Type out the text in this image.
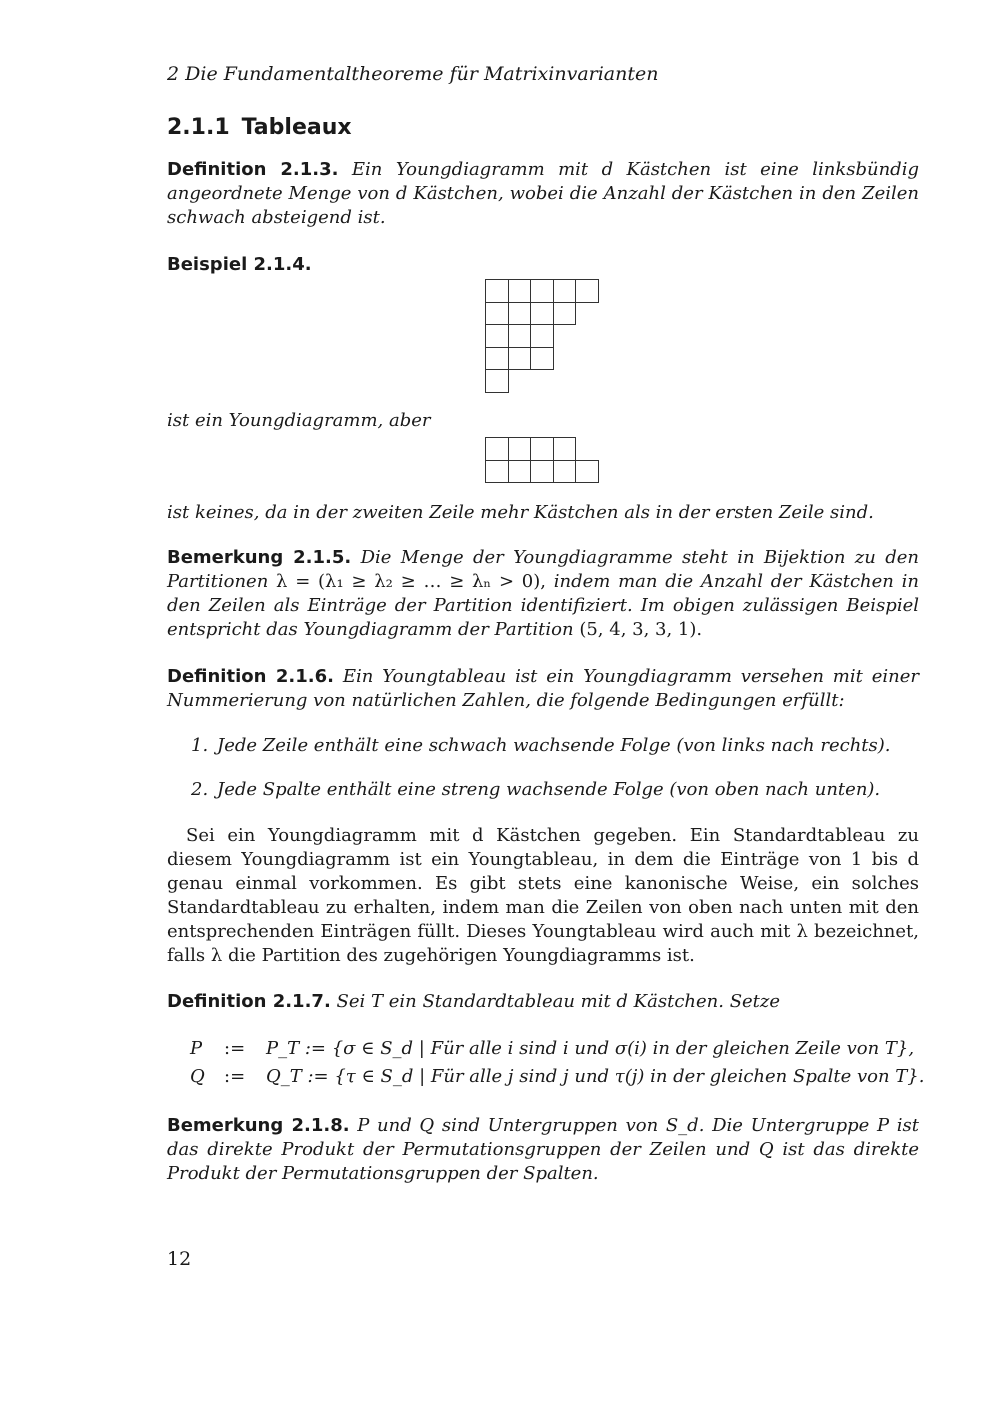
2 Die Fundamentaltheoreme für Matrixinvarianten
2.1.1 Tableaux
Definition 2.1.3. Ein Youngdiagramm mit d Kästchen ist eine linksbündig angeordnete Menge von d Kästchen, wobei die Anzahl der Kästchen in den Zeilen schwach absteigend ist.
Beispiel 2.1.4.
ist ein Youngdiagramm, aber
ist keines, da in der zweiten Zeile mehr Kästchen als in der ersten Zeile sind.
Bemerkung 2.1.5. Die Menge der Youngdiagramme steht in Bijektion zu den Partitionen λ = (λ₁ ≥ λ₂ ≥ … ≥ λₙ > 0), indem man die Anzahl der Kästchen in den Zeilen als Einträge der Partition identifiziert. Im obigen zulässigen Beispiel entspricht das Youngdiagramm der Partition (5, 4, 3, 3, 1).
Definition 2.1.6. Ein Youngtableau ist ein Youngdiagramm versehen mit einer Nummerierung von natürlichen Zahlen, die folgende Bedingungen erfüllt:
1. Jede Zeile enthält eine schwach wachsende Folge (von links nach rechts).
2. Jede Spalte enthält eine streng wachsende Folge (von oben nach unten).
Sei ein Youngdiagramm mit d Kästchen gegeben. Ein Standardtableau zu diesem Youngdiagramm ist ein Youngtableau, in dem die Einträge von 1 bis d genau einmal vorkommen. Es gibt stets eine kanonische Weise, ein solches Standardtableau zu erhalten, indem man die Zeilen von oben nach unten mit den entsprechenden Einträgen füllt. Dieses Youngtableau wird auch mit λ bezeichnet, falls λ die Partition des zugehörigen Youngdiagramms ist.
Definition 2.1.7. Sei T ein Standardtableau mit d Kästchen. Setze
P := P_T := {σ ∈ S_d | Für alle i sind i und σ(i) in der gleichen Zeile von T},
Q := Q_T := {τ ∈ S_d | Für alle j sind j und τ(j) in der gleichen Spalte von T}.
Bemerkung 2.1.8. P und Q sind Untergruppen von S_d. Die Untergruppe P ist das direkte Produkt der Permutationsgruppen der Zeilen und Q ist das direkte Produkt der Permutationsgruppen der Spalten.
12
